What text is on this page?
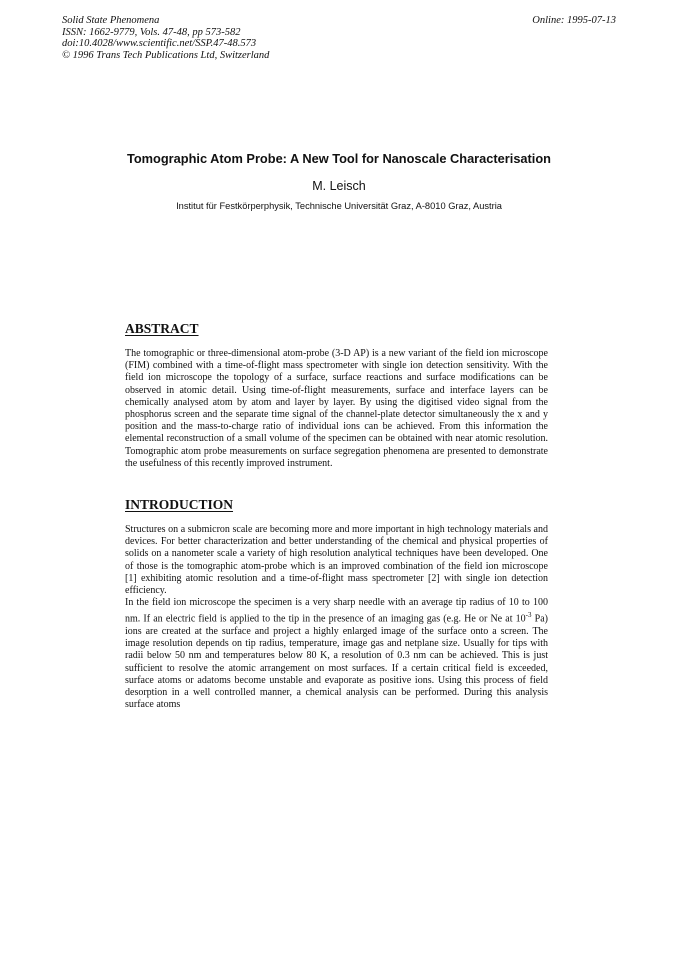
Solid State Phenomena
ISSN: 1662-9779, Vols. 47-48, pp 573-582
doi:10.4028/www.scientific.net/SSP.47-48.573
© 1996 Trans Tech Publications Ltd, Switzerland
Online: 1995-07-13
Tomographic Atom Probe: A New Tool for Nanoscale Characterisation
M. Leisch
Institut für Festkörperphysik, Technische Universität Graz, A-8010 Graz, Austria
ABSTRACT

The tomographic or three-dimensional atom-probe (3-D AP) is a new variant of the field ion microscope (FIM) combined with a time-of-flight mass spectrometer with single ion detection sensitivity. With the field ion microscope the topology of a surface, surface reactions and surface modifications can be observed in atomic detail. Using time-of-flight measurements, surface and interface layers can be chemically analysed atom by atom and layer by layer. By using the digitised video signal from the phosphorus screen and the separate time signal of the channel-plate detector simultaneously the x and y position and the mass-to-charge ratio of individual ions can be achieved. From this information the elemental reconstruction of a small volume of the specimen can be obtained with near atomic resolution. Tomographic atom probe measurements on surface segregation phenomena are presented to demonstrate the usefulness of this recently improved instrument.

INTRODUCTION
Structures on a submicron scale are becoming more and more important in high technology materials and devices. For better characterization and better understanding of the chemical and physical properties of solids on a nanometer scale a variety of high resolution analytical techniques have been developed. One of those is the tomographic atom-probe which is an improved combination of the field ion microscope [1] exhibiting atomic resolution and a time-of-flight mass spectrometer [2] with single ion detection efficiency.
In the field ion microscope the specimen is a very sharp needle with an average tip radius of 10 to 100 nm. If an electric field is applied to the tip in the presence of an imaging gas (e.g. He or Ne at $10^{-3}$ Pa) ions are created at the surface and project a highly enlarged image of the surface onto a screen. The image resolution depends on tip radius, temperature, image gas and netplane size. Usually for tips with radii below 50 nm and temperatures below 80 K, a resolution of 0.3 nm can be achieved. This is just sufficient to resolve the atomic arrangement on most surfaces. If a certain critical field is exceeded, surface atoms or adatoms become unstable and evaporate as positive ions. Using this process of field desorption in a well controlled manner, a chemical analysis can be performed. During this analysis surface atoms
